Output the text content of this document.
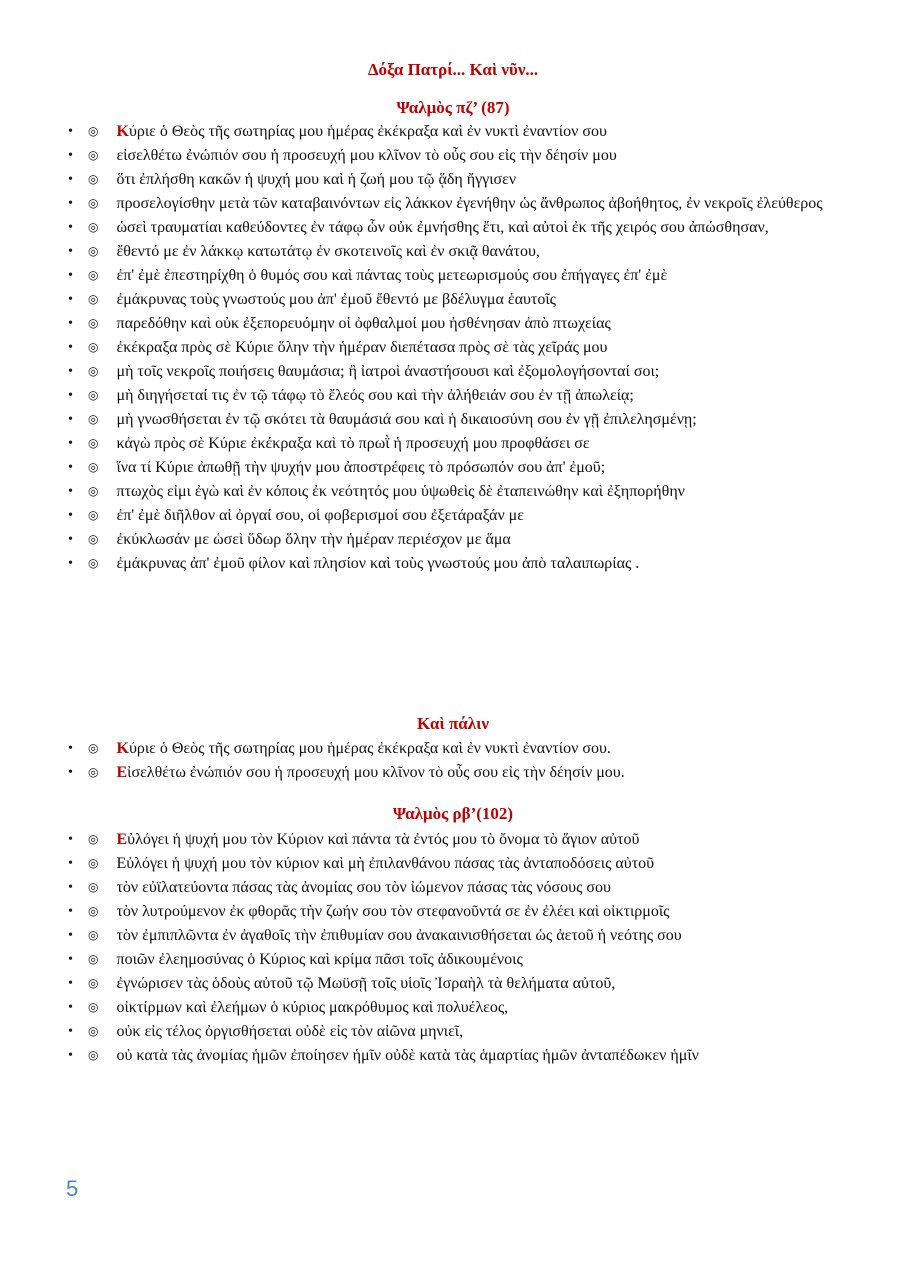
Δόξα Πατρί... Καὶ νῦν...
Ψαλμὸς πζ’ (87)
• ◎ Κύριε ὁ Θεὸς τῆς σωτηρίας μου ἡμέρας ἐκέκραξα καὶ ἐν νυκτὶ ἐναντίον σου
• ◎ εἰσελθέτω ἐνώπιόν σου ἡ προσευχή μου κλῖνον τὸ οὖς σου εἰς τὴν δέησίν μου
• ◎ ὅτι ἐπλήσθη κακῶν ἡ ψυχή μου καὶ ἡ ζωή μου τῷ ᾅδη ἤγγισεν
• ◎ προσελογίσθην μετὰ τῶν καταβαινόντων εἰς λάκκον ἐγενήθην ὡς ἄνθρωπος ἀβοήθητος, ἐν νεκροῖς ἐλεύθερος
• ◎ ὡσεὶ τραυματίαι καθεύδοντες ἐν τάφῳ ὧν οὐκ ἐμνήσθης ἔτι, καὶ αὐτοὶ ἐκ τῆς χειρός σου ἀπώσθησαν,
• ◎ ἔθεντό με ἐν λάκκῳ κατωτάτῳ ἐν σκοτεινοῖς καὶ ἐν σκιᾷ θανάτου,
• ◎ ἐπ' ἐμὲ ἐπεστηρίχθη ὁ θυμός σου καὶ πάντας τοὺς μετεωρισμούς σου ἐπήγαγες ἐπ' ἐμὲ
• ◎ ἐμάκρυνας τοὺς γνωστούς μου ἀπ' ἐμοῦ ἔθεντό με βδέλυγμα ἑαυτοῖς
• ◎ παρεδόθην καὶ οὐκ ἐξεπορευόμην οἱ ὀφθαλμοί μου ἠσθένησαν ἀπὸ πτωχείας
• ◎ ἐκέκραξα πρὸς σὲ Κύριε ὅλην τὴν ἡμέραν διεπέτασα πρὸς σὲ τὰς χεῖράς μου
• ◎ μὴ τοῖς νεκροῖς ποιήσεις θαυμάσια; ἢ ἰατροὶ ἀναστήσουσι καὶ ἐξομολογήσονταί σοι;
• ◎ μὴ διηγήσεταί τις ἐν τῷ τάφῳ τὸ ἔλεός σου καὶ τὴν ἀλήθειάν σου ἐν τῇ ἀπωλείᾳ;
• ◎ μὴ γνωσθήσεται ἐν τῷ σκότει τὰ θαυμάσιά σου καὶ ἡ δικαιοσύνη σου ἐν γῇ ἐπιλελησμένῃ;
• ◎ κἀγὼ πρὸς σὲ Κύριε ἐκέκραξα καὶ τὸ πρωῒ ἡ προσευχή μου προφθάσει σε
• ◎ ἵνα τί Κύριε ἀπωθῇ τὴν ψυχήν μου ἀποστρέφεις τὸ πρόσωπόν σου ἀπ' ἐμοῦ;
• ◎ πτωχὸς εἰμι ἐγὼ καὶ ἐν κόποις ἐκ νεότητός μου ὑψωθεὶς δὲ ἐταπεινώθην καὶ ἐξηπορήθην
• ◎ ἐπ' ἐμὲ διῆλθον αἱ ὀργαί σου, οἱ φοβερισμοί σου ἐξετάραξάν με
• ◎ ἐκύκλωσάν με ὡσεὶ ὕδωρ ὅλην τὴν ἡμέραν περιέσχον με ἅμα
• ◎ ἐμάκρυνας ἀπ' ἐμοῦ φίλον καὶ πλησίον καὶ τοὺς γνωστούς μου ἀπὸ ταλαιπωρίας .
Καὶ πάλιν
• ◎ Κύριε ὁ Θεὸς τῆς σωτηρίας μου ἡμέρας ἐκέκραξα καὶ ἐν νυκτὶ ἐναντίον σου.
• ◎ Εἰσελθέτω ἐνώπιόν σου ἡ προσευχή μου κλῖνον τὸ οὖς σου εἰς τὴν δέησίν μου.
Ψαλμὸς ρβ’(102)
• ◎ Εὐλόγει ἡ ψυχή μου τὸν Κύριον καὶ πάντα τὰ ἐντός μου τὸ ὄνομα τὸ ἅγιον αὐτοῦ
• ◎ Εὐλόγει ἡ ψυχή μου τὸν κύριον καὶ μὴ ἐπιλανθάνου πάσας τὰς ἀνταποδόσεις αὐτοῦ
• ◎ τὸν εὐϊλατεύοντα πάσας τὰς ἀνομίας σου τὸν ἰώμενον πάσας τὰς νόσους σου
• ◎ τὸν λυτρούμενον ἐκ φθορᾶς τὴν ζωήν σου τὸν στεφανοῦντά σε ἐν ἐλέει καὶ οἰκτιρμοῖς
• ◎ τὸν ἐμπιπλῶντα ἐν ἀγαθοῖς τὴν ἐπιθυμίαν σου ἀνακαινισθήσεται ὡς ἀετοῦ ἡ νεότης σου
• ◎ ποιῶν ἐλεημοσύνας ὁ Κύριος καὶ κρίμα πᾶσι τοῖς ἀδικουμένοις
• ◎ ἐγνώρισεν τὰς ὁδοὺς αὐτοῦ τῷ Μωϋσῇ τοῖς υἱοῖς Ἰσραὴλ τὰ θελήματα αὐτοῦ,
• ◎ οἰκτίρμων καὶ ἐλεήμων ὁ κύριος μακρόθυμος καὶ πολυέλεος,
• ◎ οὐκ εἰς τέλος ὀργισθήσεται οὐδὲ εἰς τὸν αἰῶνα μηνιεῖ,
• ◎ οὐ κατὰ τὰς ἀνομίας ἡμῶν ἐποίησεν ἡμῖν οὐδὲ κατὰ τὰς ἁμαρτίας ἡμῶν ἀνταπέδωκεν ἡμῖν
5
